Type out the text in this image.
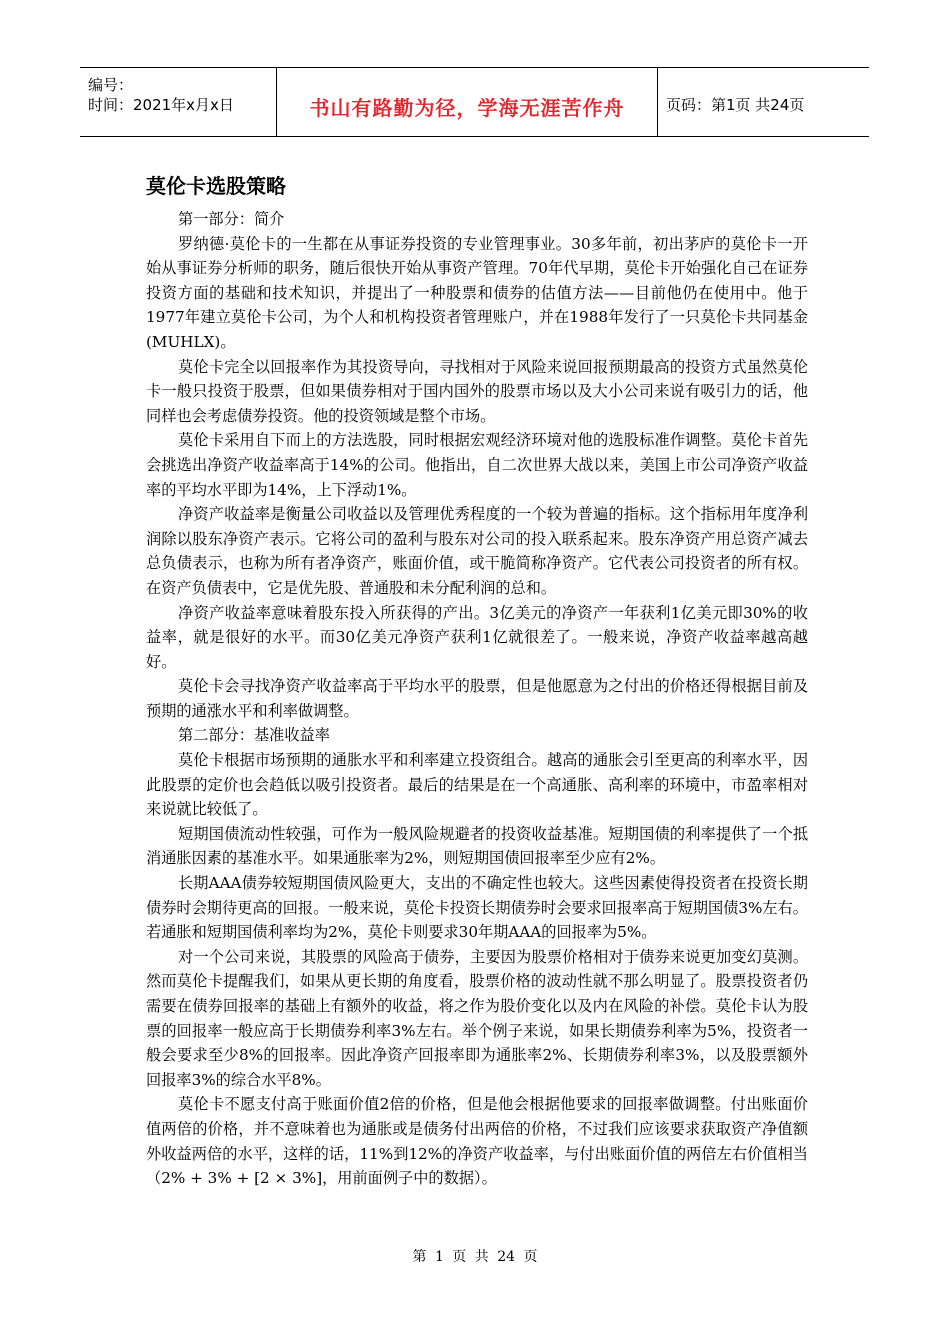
编号：
时间：2021年x月x日	书山有路勤为径，学海无涯苦作舟	页码：第1页 共24页
莫伦卡选股策略

第一部分：简介

罗纳德·莫伦卡的一生都在从事证券投资的专业管理事业。30多年前，初出茅庐的莫伦卡一开始从事证券分析师的职务，随后很快开始从事资产管理。70年代早期，莫伦卡开始强化自己在证券投资方面的基础和技术知识，并提出了一种股票和债券的估值方法——目前他仍在使用中。他于1977年建立莫伦卡公司，为个人和机构投资者管理账户，并在1988年发行了一只莫伦卡共同基金(MUHLX)。

莫伦卡完全以回报率作为其投资导向，寻找相对于风险来说回报预期最高的投资方式虽然莫伦卡一般只投资于股票，但如果债券相对于国内国外的股票市场以及大小公司来说有吸引力的话，他同样也会考虑债券投资。他的投资领域是整个市场。

莫伦卡采用自下而上的方法选股，同时根据宏观经济环境对他的选股标准作调整。莫伦卡首先会挑选出净资产收益率高于14%的公司。他指出，自二次世界大战以来，美国上市公司净资产收益率的平均水平即为14%，上下浮动1%。

净资产收益率是衡量公司收益以及管理优秀程度的一个较为普遍的指标。这个指标用年度净利润除以股东净资产表示。它将公司的盈利与股东对公司的投入联系起来。股东净资产用总资产减去总负债表示，也称为所有者净资产，账面价值，或干脆简称净资产。它代表公司投资者的所有权。在资产负债表中，它是优先股、普通股和未分配利润的总和。

净资产收益率意味着股东投入所获得的产出。3亿美元的净资产一年获利1亿美元即30%的收益率，就是很好的水平。而30亿美元净资产获利1亿就很差了。一般来说，净资产收益率越高越好。

莫伦卡会寻找净资产收益率高于平均水平的股票，但是他愿意为之付出的价格还得根据目前及预期的通涨水平和利率做调整。

第二部分：基准收益率

莫伦卡根据市场预期的通胀水平和利率建立投资组合。越高的通胀会引至更高的利率水平，因此股票的定价也会趋低以吸引投资者。最后的结果是在一个高通胀、高利率的环境中，市盈率相对来说就比较低了。

短期国债流动性较强，可作为一般风险规避者的投资收益基准。短期国债的利率提供了一个抵消通胀因素的基准水平。如果通胀率为2%，则短期国债回报率至少应有2%。

长期AAA债券较短期国债风险更大，支出的不确定性也较大。这些因素使得投资者在投资长期债券时会期待更高的回报。一般来说，莫伦卡投资长期债券时会要求回报率高于短期国债3%左右。若通胀和短期国债利率均为2%，莫伦卡则要求30年期AAA的回报率为5%。

对一个公司来说，其股票的风险高于债券，主要因为股票价格相对于债券来说更加变幻莫测。然而莫伦卡提醒我们，如果从更长期的角度看，股票价格的波动性就不那么明显了。股票投资者仍需要在债券回报率的基础上有额外的收益，将之作为股价变化以及内在风险的补偿。莫伦卡认为股票的回报率一般应高于长期债券利率3%左右。举个例子来说，如果长期债券利率为5%，投资者一般会要求至少8%的回报率。因此净资产回报率即为通胀率2%、长期债券利率3%，以及股票额外回报率3%的综合水平8%。

莫伦卡不愿支付高于账面价值2倍的价格，但是他会根据他要求的回报率做调整。付出账面价值两倍的价格，并不意味着也为通胀或是债务付出两倍的价格，不过我们应该要求获取资产净值额外收益两倍的水平，这样的话，11%到12%的净资产收益率，与付出账面价值的两倍左右价值相当（2% + 3% + [2 × 3%]，用前面例子中的数据）。

第 1 页 共 24 页
